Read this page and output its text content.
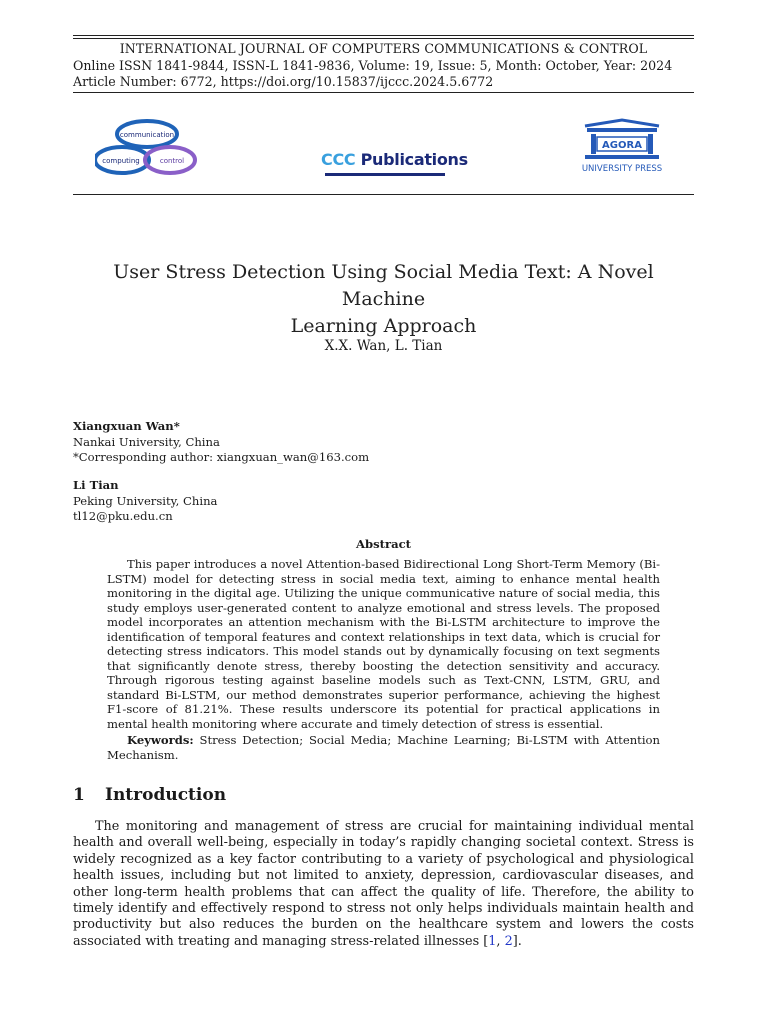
INTERNATIONAL JOURNAL OF COMPUTERS COMMUNICATIONS & CONTROL
Online ISSN 1841-9844, ISSN-L 1841-9836, Volume: 19, Issue: 5, Month: October, Year: 2024
Article Number: 6772, https://doi.org/10.15837/ijccc.2024.5.6772
communication
computing	control	CCC Publications
AGORA
UNIVERSITY PRESS
User Stress Detection Using Social Media Text: A Novel Machine
Learning Approach
X.X. Wan, L. Tian
Xiangxuan Wan*
Nankai University, China
*Corresponding author: xiangxuan_wan@163.com
Li Tian
Peking University, China
tl12@pku.edu.cn
Abstract
This paper introduces a novel Attention-based Bidirectional Long Short-Term Memory (Bi-LSTM) model for detecting stress in social media text, aiming to enhance mental health monitoring in the digital age. Utilizing the unique communicative nature of social media, this study employs user-generated content to analyze emotional and stress levels. The proposed model incorporates an attention mechanism with the Bi-LSTM architecture to improve the identification of temporal features and context relationships in text data, which is crucial for detecting stress indicators. This model stands out by dynamically focusing on text segments that significantly denote stress, thereby boosting the detection sensitivity and accuracy. Through rigorous testing against baseline models such as Text-CNN, LSTM, GRU, and standard Bi-LSTM, our method demonstrates superior performance, achieving the highest F1-score of 81.21%. These results underscore its potential for practical applications in mental health monitoring where accurate and timely detection of stress is essential.
Keywords: Stress Detection; Social Media; Machine Learning; Bi-LSTM with Attention Mechanism.
1 Introduction
The monitoring and management of stress are crucial for maintaining individual mental health and overall well-being, especially in today’s rapidly changing societal context. Stress is widely recognized as a key factor contributing to a variety of psychological and physiological health issues, including but not limited to anxiety, depression, cardiovascular diseases, and other long-term health problems that can affect the quality of life. Therefore, the ability to timely identify and effectively respond to stress not only helps individuals maintain health and productivity but also reduces the burden on the healthcare system and lowers the costs associated with treating and managing stress-related illnesses [1, 2].
